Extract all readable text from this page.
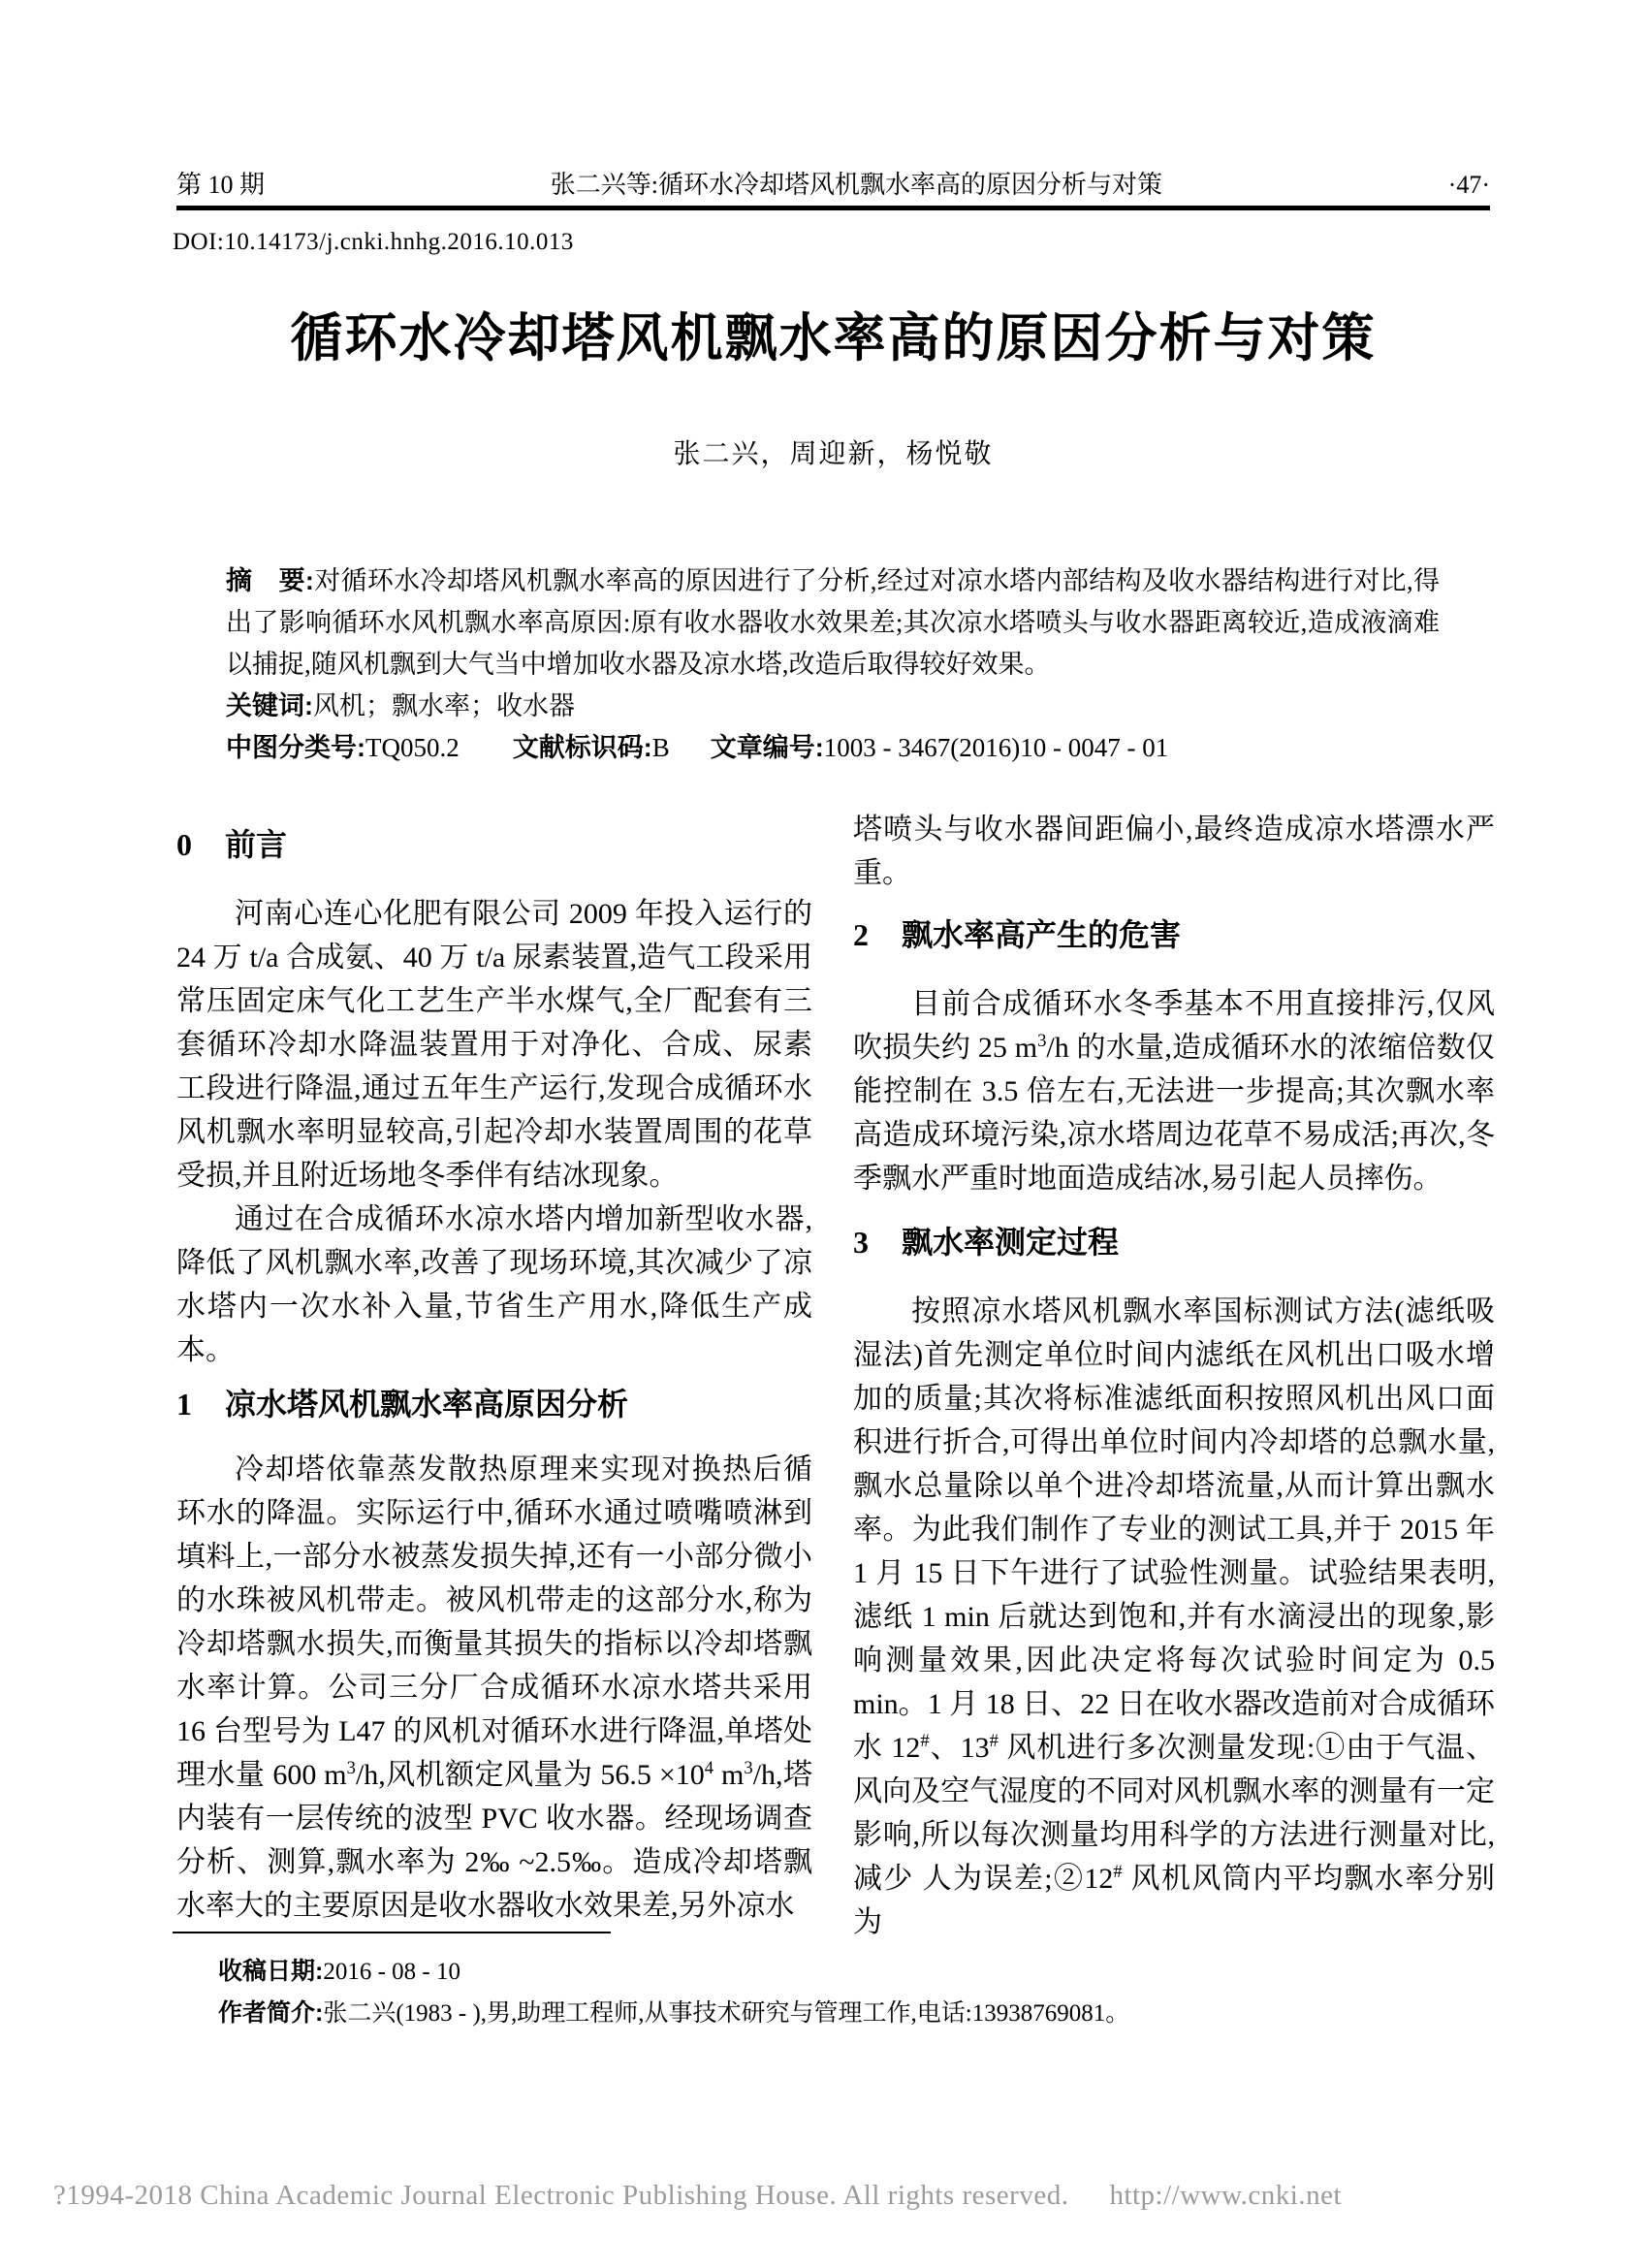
第 10 期	张二兴等:循环水冷却塔风机飘水率高的原因分析与对策	·47·
DOI:10.14173/j.cnki.hnhg.2016.10.013
循环水冷却塔风机飘水率高的原因分析与对策
张二兴，周迎新，杨悦敬

摘　要:对循环水冷却塔风机飘水率高的原因进行了分析,经过对凉水塔内部结构及收水器结构进行对比,得出了影响循环水风机飘水率高原因:原有收水器收水效果差;其次凉水塔喷头与收水器距离较近,造成液滴难以捕捉,随风机飘到大气当中增加收水器及凉水塔,改造后取得较好效果。

关键词:风机；飘水率；收水器

中图分类号:TQ050.2 文献标识码:B 文章编号:1003 - 3467(2016)10 - 0047 - 01

0 前言

河南心连心化肥有限公司 2009 年投入运行的 24 万 t/a 合成氨、40 万 t/a 尿素装置,造气工段采用常压固定床气化工艺生产半水煤气,全厂配套有三套循环冷却水降温装置用于对净化、合成、尿素工段进行降温,通过五年生产运行,发现合成循环水风机飘水率明显较高,引起冷却水装置周围的花草受损,并且附近场地冬季伴有结冰现象。

通过在合成循环水凉水塔内增加新型收水器,降低了风机飘水率,改善了现场环境,其次减少了凉水塔内一次水补入量,节省生产用水,降低生产成本。

1 凉水塔风机飘水率高原因分析

冷却塔依靠蒸发散热原理来实现对换热后循环水的降温。实际运行中,循环水通过喷嘴喷淋到填料上,一部分水被蒸发损失掉,还有一小部分微小的水珠被风机带走。被风机带走的这部分水,称为冷却塔飘水损失,而衡量其损失的指标以冷却塔飘水率计算。公司三分厂合成循环水凉水塔共采用 16 台型号为 L47 的风机对循环水进行降温,单塔处理水量 600 $m^3/h$,风机额定风量为 $56.5 \times 10^4$ $m^3/h$,塔内装有一层传统的波型 PVC 收水器。经现场调查分析、测算,飘水率为 2‰ ~2.5‰。造成冷却塔飘水率大的主要原因是收水器收水效果差,另外凉水

塔喷头与收水器间距偏小,最终造成凉水塔漂水严重。

2 飘水率高产生的危害

目前合成循环水冬季基本不用直接排污,仅风吹损失约 25 $m^3/h$ 的水量,造成循环水的浓缩倍数仅能控制在 3.5 倍左右,无法进一步提高;其次飘水率高造成环境污染,凉水塔周边花草不易成活;再次,冬季飘水严重时地面造成结冰,易引起人员摔伤。

3 飘水率测定过程

按照凉水塔风机飘水率国标测试方法(滤纸吸湿法)首先测定单位时间内滤纸在风机出口吸水增加的质量;其次将标准滤纸面积按照风机出风口面积进行折合,可得出单位时间内冷却塔的总飘水量,飘水总量除以单个进冷却塔流量,从而计算出飘水率。为此我们制作了专业的测试工具,并于 2015 年 1 月 15 日下午进行了试验性测量。试验结果表明,滤纸 1 min 后就达到饱和,并有水滴浸出的现象,影响测量效果,因此决定将每次试验时间定为 0.5 min。1 月 18 日、22 日在收水器改造前对合成循环水 12#、13# 风机进行多次测量发现:①由于气温、风向及空气湿度的不同对风机飘水率的测量有一定影响,所以每次测量均用科学的方法进行测量对比,减少 人为误差;②12# 风机风筒内平均飘水率分别为

收稿日期:2016 - 08 - 10

作者简介:张二兴(1983 - ),男,助理工程师,从事技术研究与管理工作,电话:13938769081。

?1994-2018 China Academic Journal Electronic Publishing House. All rights reserved. http://www.cnki.net
